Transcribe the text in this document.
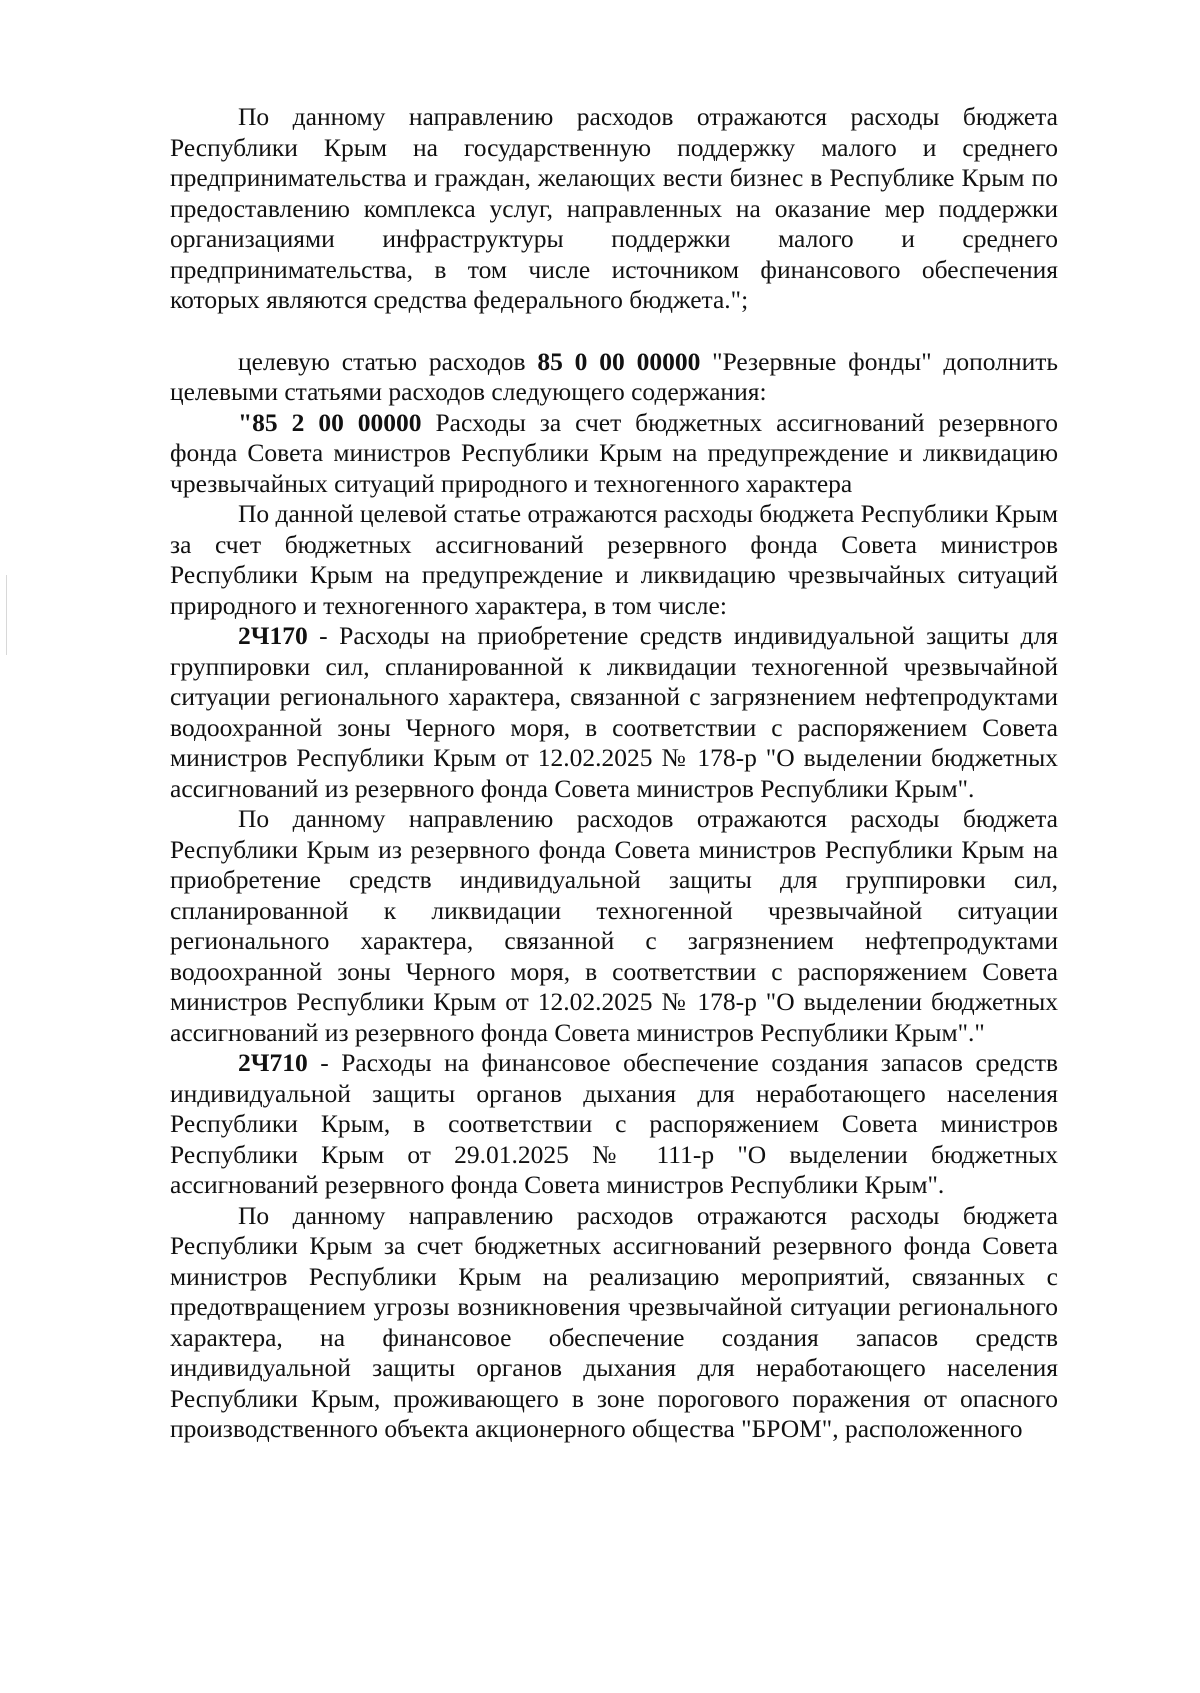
По данному направлению расходов отражаются расходы бюджета Республики Крым на государственную поддержку малого и среднего предпринимательства и граждан, желающих вести бизнес в Республике Крым по предоставлению комплекса услуг, направленных на оказание мер поддержки организациями инфраструктуры поддержки малого и среднего предпринимательства, в том числе источником финансового обеспечения которых являются средства федерального бюджета.";

целевую статью расходов 85 0 00 00000 "Резервные фонды" дополнить целевыми статьями расходов следующего содержания:

"85 2 00 00000 Расходы за счет бюджетных ассигнований резервного фонда Совета министров Республики Крым на предупреждение и ликвидацию чрезвычайных ситуаций природного и техногенного характера

По данной целевой статье отражаются расходы бюджета Республики Крым за счет бюджетных ассигнований резервного фонда Совета министров Республики Крым на предупреждение и ликвидацию чрезвычайных ситуаций природного и техногенного характера, в том числе:

2Ч170 - Расходы на приобретение средств индивидуальной защиты для группировки сил, спланированной к ликвидации техногенной чрезвычайной ситуации регионального характера, связанной с загрязнением нефтепродуктами водоохранной зоны Черного моря, в соответствии с распоряжением Совета министров Республики Крым от 12.02.2025 № 178-р "О выделении бюджетных ассигнований из резервного фонда Совета министров Республики Крым".

По данному направлению расходов отражаются расходы бюджета Республики Крым из резервного фонда Совета министров Республики Крым на приобретение средств индивидуальной защиты для группировки сил, спланированной к ликвидации техногенной чрезвычайной ситуации регионального характера, связанной с загрязнением нефтепродуктами водоохранной зоны Черного моря, в соответствии с распоряжением Совета министров Республики Крым от 12.02.2025 № 178-р "О выделении бюджетных ассигнований из резервного фонда Совета министров Республики Крым"."

2Ч710 - Расходы на финансовое обеспечение создания запасов средств индивидуальной защиты органов дыхания для неработающего населения Республики Крым, в соответствии с распоряжением Совета министров Республики Крым от 29.01.2025 № 111-р "О выделении бюджетных ассигнований резервного фонда Совета министров Республики Крым".

По данному направлению расходов отражаются расходы бюджета Республики Крым за счет бюджетных ассигнований резервного фонда Совета министров Республики Крым на реализацию мероприятий, связанных с предотвращением угрозы возникновения чрезвычайной ситуации регионального характера, на финансовое обеспечение создания запасов средств индивидуальной защиты органов дыхания для неработающего населения Республики Крым, проживающего в зоне порогового поражения от опасного производственного объекта акционерного общества "БРОМ", расположенного
